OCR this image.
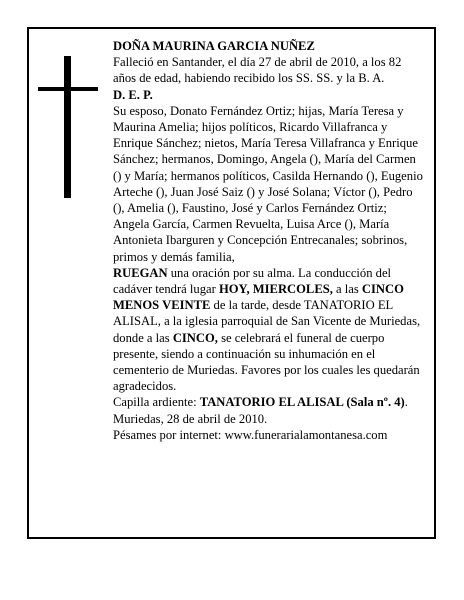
DOÑA MAURINA GARCIA NUÑEZ

Falleció en Santander, el día 27 de abril de 2010, a los 82 años de edad, habiendo recibido los SS. SS. y la B. A.

D. E. P.

Su esposo, Donato Fernández Ortiz; hijas, María Teresa y Maurina Amelia; hijos políticos, Ricardo Villafranca y Enrique Sánchez; nietos, María Teresa Villafranca y Enrique Sánchez; hermanos, Domingo, Angela (), María del Carmen () y María; hermanos políticos, Casilda Hernando (), Eugenio Arteche (), Juan José Saiz () y José Solana; Víctor (), Pedro (), Amelia (), Faustino, José y Carlos Fernández Ortiz; Angela García, Carmen Revuelta, Luisa Arce (), María Antonieta Ibarguren y Concepción Entrecanales; sobrinos, primos y demás familia,

RUEGAN una oración por su alma. La conducción del cadáver tendrá lugar HOY, MIERCOLES, a las CINCO MENOS VEINTE de la tarde, desde TANATORIO EL ALISAL, a la iglesia parroquial de San Vicente de Muriedas, donde a las CINCO, se celebrará el funeral de cuerpo presente, siendo a continuación su inhumación en el cementerio de Muriedas. Favores por los cuales les quedarán agradecidos.

Capilla ardiente: TANATORIO EL ALISAL (Sala nº. 4).

Muriedas, 28 de abril de 2010.

Pésames por internet: www.funerarialamontanesa.com
